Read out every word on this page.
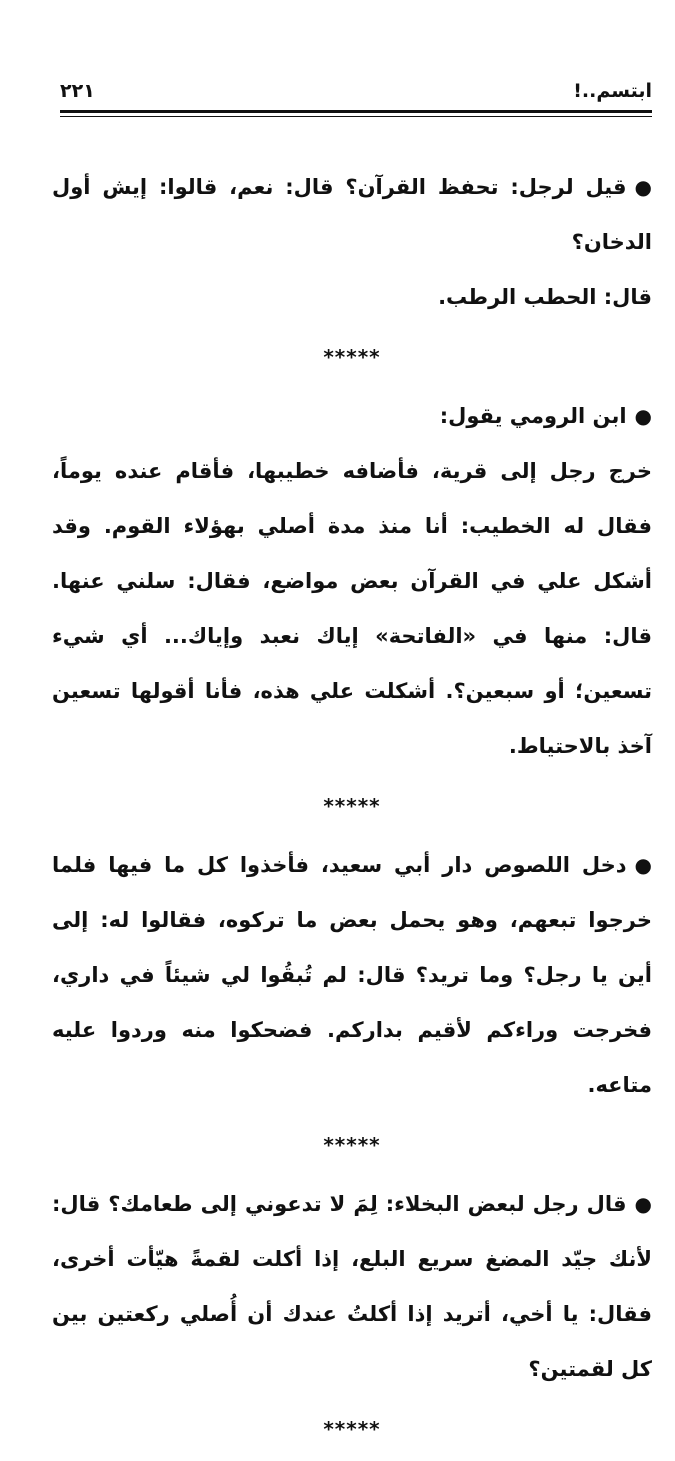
٢٢١	ابتسم..!

●قيل لرجل: تحفظ القرآن؟ قال: نعم، قالوا: إيش أول الدخان؟

قال: الحطب الرطب.

*****

●ابن الرومي يقول:

خرج رجل إلى قرية، فأضافه خطيبها، فأقام عنده يوماً، فقال له الخطيب: أنا منذ مدة أصلي بهؤلاء القوم. وقد أشكل علي في القرآن بعض مواضع، فقال: سلني عنها. قال: منها في «الفاتحة» إياك نعبد وإياك... أي شيء تسعين؛ أو سبعين؟. أشكلت علي هذه، فأنا أقولها تسعين آخذ بالاحتياط.

*****

●دخل اللصوص دار أبي سعيد، فأخذوا كل ما فيها فلما خرجوا تبعهم، وهو يحمل بعض ما تركوه، فقالوا له: إلى أين يا رجل؟ وما تريد؟ قال: لم تُبقُوا لي شيئاً في داري، فخرجت وراءكم لأقيم بداركم. فضحكوا منه وردوا عليه متاعه.

*****

●قال رجل لبعض البخلاء: لِمَ لا تدعوني إلى طعامك؟ قال: لأنك جيّد المضغ سريع البلع، إذا أكلت لقمةً هيّأت أخرى، فقال: يا أخي، أتريد إذا أكلتُ عندك أن أُصلي ركعتين بين كل لقمتين؟

*****
